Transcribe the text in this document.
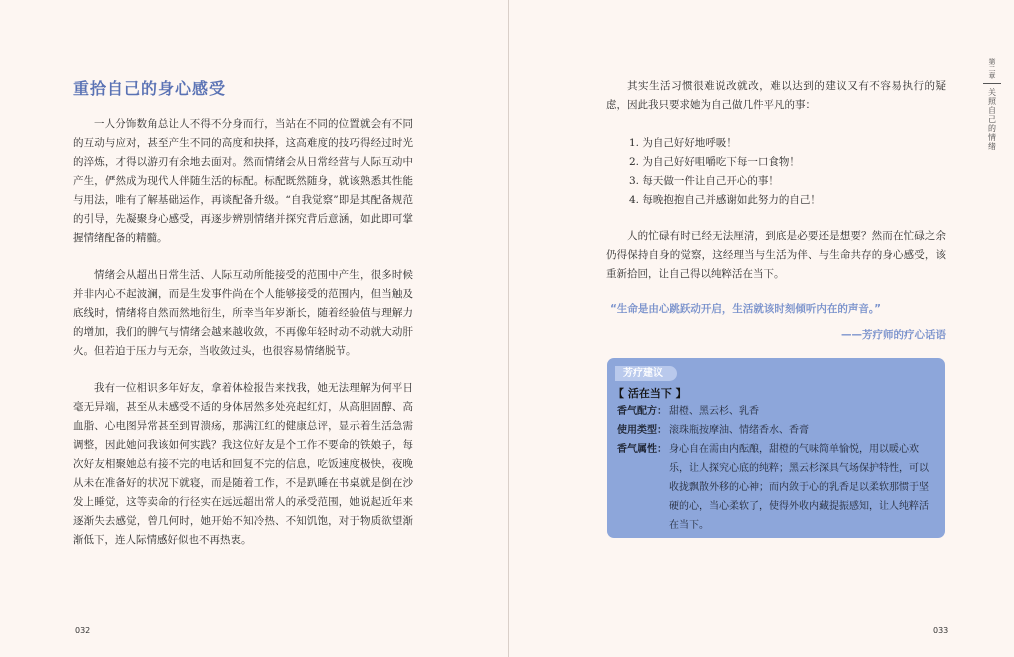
重拾自己的身心感受

一人分饰数角总让人不得不分身而行，当站在不同的位置就会有不同的互动与应对，甚至产生不同的高度和抉择，这高难度的技巧得经过时光的淬炼，才得以游刃有余地去面对。然而情绪会从日常经营与人际互动中产生，俨然成为现代人伴随生活的标配。标配既然随身，就该熟悉其性能与用法，唯有了解基础运作，再谈配备升级。“自我觉察”即是其配备规范的引导，先凝聚身心感受，再逐步辨别情绪并探究背后意涵，如此即可掌握情绪配备的精髓。

情绪会从超出日常生活、人际互动所能接受的范围中产生，很多时候并非内心不起波澜，而是生发事件尚在个人能够接受的范围内，但当触及底线时，情绪将自然而然地衍生，所幸当年岁渐长，随着经验值与理解力的增加，我们的脾气与情绪会越来越收敛，不再像年轻时动不动就大动肝火。但若迫于压力与无奈，当收敛过头，也很容易情绪脱节。

我有一位相识多年好友，拿着体检报告来找我，她无法理解为何平日毫无异端，甚至从未感受不适的身体居然多处亮起红灯，从高胆固醇、高血脂、心电图异常甚至到胃溃疡，那满江红的健康总评，显示着生活急需调整，因此她问我该如何实践？我这位好友是个工作不要命的铁娘子，每次好友相聚她总有接不完的电话和回复不完的信息，吃饭速度极快，夜晚从未在准备好的状况下就寝，而是随着工作，不是趴睡在书桌就是倒在沙发上睡觉，这等卖命的行径实在远远超出常人的承受范围，她说起近年来逐渐失去感觉，曾几何时，她开始不知冷热、不知饥饱，对于物质欲望渐渐低下，连人际情感好似也不再热衷。

032

其实生活习惯很难说改就改，难以达到的建议又有不容易执行的疑虑，因此我只要求她为自己做几件平凡的事：

1. 为自己好好地呼吸！
2. 为自己好好咀嚼吃下每一口食物！
3. 每天做一件让自己开心的事！
4. 每晚抱抱自己并感谢如此努力的自己！

人的忙碌有时已经无法厘清，到底是必要还是想要？然而在忙碌之余仍得保持自身的觉察，这经理当与生活为伴、与生命共存的身心感受，该重新拾回，让自己得以纯粹活在当下。

“生命是由心跳跃动开启，生活就该时刻倾听内在的声音。”

——芳疗师的疗心话语
芳疗建议
【 活在当下 】
香气配方： 甜橙、黑云杉、乳香
使用类型： 滚珠瓶按摩油、情绪香水、香膏
香气属性： 身心自在需由内酝酿，甜橙的气味简单愉悦，用以暖心欢乐，让人探究心底的纯粹；黑云杉深具气场保护特性，可以收拢飘散外移的心神；而内敛于心的乳香足以柔软那惯于坚硬的心，当心柔软了，使得外收内藏提振感知，让人纯粹活在当下。
第二章
关照自己的情绪
033
